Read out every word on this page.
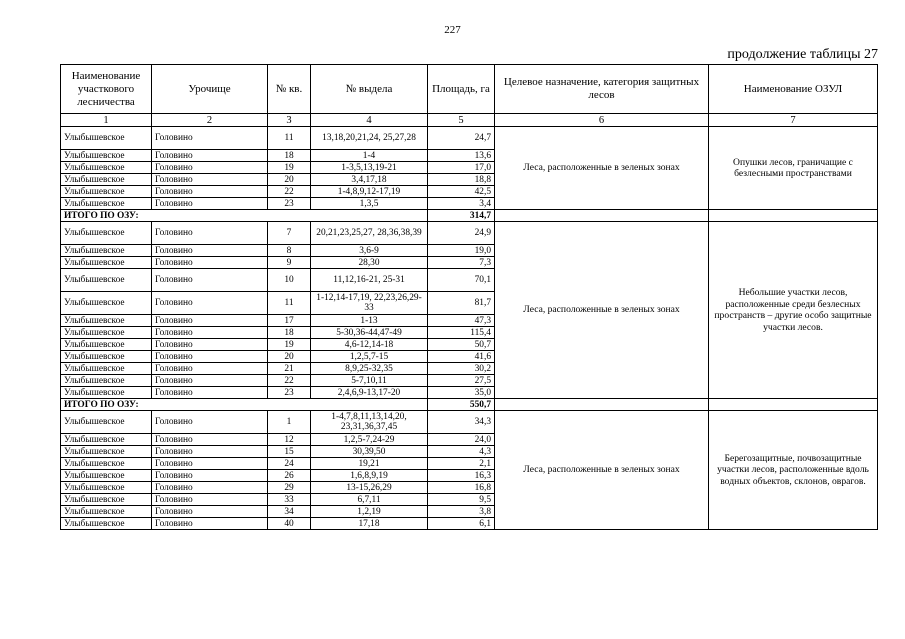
227
продолжение таблицы 27
Наименование участкового лесничества	Урочище	№ кв.	№ выдела	Площадь, га	Целевое назначение, категория защитных лесов	Наименование ОЗУЛ
1	2	3	4	5	6	7
Улыбышевское	Головино	11	13,18,20,21,24, 25,27,28	24,7	Леса, расположенные в зеленых зонах	Опушки лесов, граничащие с безлесными пространствами
Улыбышевское	Головино	18	1-4	13,6		
Улыбышевское	Головино	19	1-3,5,13,19-21	17,0		
Улыбышевское	Головино	20	3,4,17,18	18,8		
Улыбышевское	Головино	22	1-4,8,9,12-17,19	42,5		
Улыбышевское	Головино	23	1,3,5	3,4		
ИТОГО ПО ОЗУ:				314,7		
Улыбышевское	Головино	7	20,21,23,25,27, 28,36,38,39	24,9	Леса, расположенные в зеленых зонах	Небольшие участки лесов, расположенные среди безлесных пространств – другие особо защитные участки лесов.
Улыбышевское	Головино	8	3,6-9	19,0		
Улыбышевское	Головино	9	28,30	7,3		
Улыбышевское	Головино	10	11,12,16-21, 25-31	70,1		
Улыбышевское	Головино	11	1-12,14-17,19, 22,23,26,29-33	81,7		
Улыбышевское	Головино	17	1-13	47,3		
Улыбышевское	Головино	18	5-30,36-44,47-49	115,4		
Улыбышевское	Головино	19	4,6-12,14-18	50,7		
Улыбышевское	Головино	20	1,2,5,7-15	41,6		
Улыбышевское	Головино	21	8,9,25-32,35	30,2		
Улыбышевское	Головино	22	5-7,10,11	27,5		
Улыбышевское	Головино	23	2,4,6,9-13,17-20	35,0		
ИТОГО ПО ОЗУ:				550,7		
Улыбышевское	Головино	1	1-4,7,8,11,13,14,20, 23,31,36,37,45	34,3	Леса, расположенные в зеленых зонах	Берегозащитные, почвозащитные участки лесов, расположенные вдоль водных объектов, склонов, оврагов.
Улыбышевское	Головино	12	1,2,5-7,24-29	24,0		
Улыбышевское	Головино	15	30,39,50	4,3		
Улыбышевское	Головино	24	19,21	2,1		
Улыбышевское	Головино	26	1,6,8,9,19	16,3		
Улыбышевское	Головино	29	13-15,26,29	16,8		
Улыбышевское	Головино	33	6,7,11	9,5		
Улыбышевское	Головино	34	1,2,19	3,8		
Улыбышевское	Головино	40	17,18	6,1		
